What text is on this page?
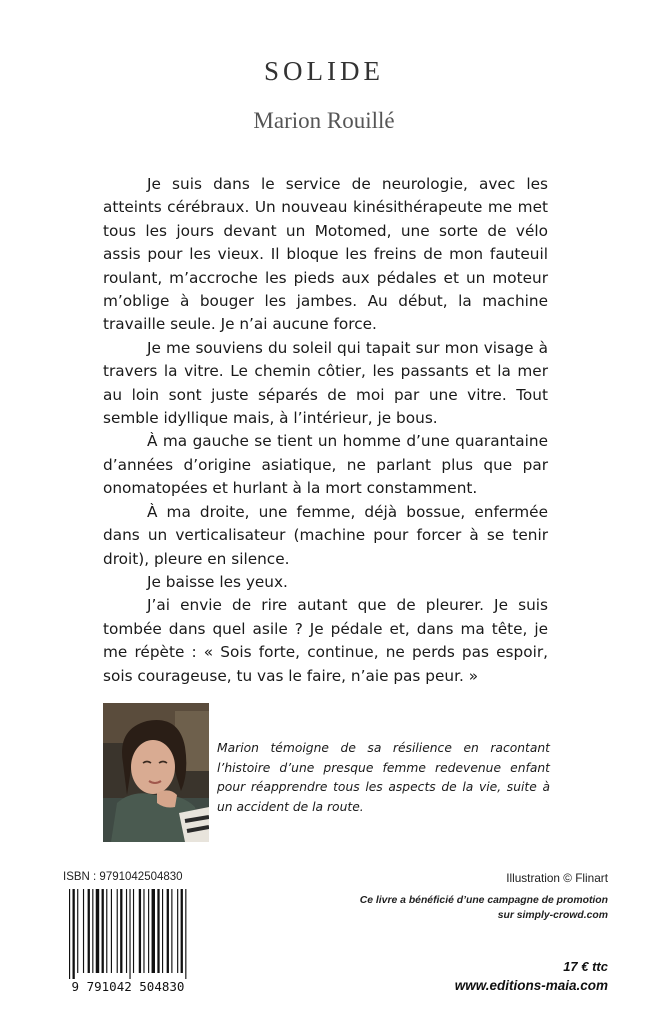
SOLIDE
Marion Rouillé

Je suis dans le service de neurologie, avec les atteints cérébraux. Un nouveau kinésithérapeute me met tous les jours devant un Motomed, une sorte de vélo assis pour les vieux. Il bloque les freins de mon fauteuil roulant, m’accroche les pieds aux pédales et un moteur m’oblige à bouger les jambes. Au début, la machine travaille seule. Je n’ai aucune force.

Je me souviens du soleil qui tapait sur mon visage à travers la vitre. Le chemin côtier, les passants et la mer au loin sont juste séparés de moi par une vitre. Tout semble idyllique mais, à l’intérieur, je bous.

À ma gauche se tient un homme d’une quarantaine d’années d’origine asiatique, ne parlant plus que par onomatopées et hurlant à la mort constamment.

À ma droite, une femme, déjà bossue, enfermée dans un verticalisateur (machine pour forcer à se tenir droit), pleure en silence.

Je baisse les yeux.

J’ai envie de rire autant que de pleurer. Je suis tombée dans quel asile ? Je pédale et, dans ma tête, je me répète : « Sois forte, continue, ne perds pas espoir, sois courageuse, tu vas le faire, n’aie pas peur. »

Marion témoigne de sa résilience en racontant l’histoire d’une presque femme redevenue enfant pour réapprendre tous les aspects de la vie, suite à un accident de la route.
ISBN : 9791042504830
9 791042 504830
Illustration © Flinart
Ce livre a bénéficié d’une campagne de promotion
sur simply-crowd.com
17 € ttc
www.editions-maia.com
